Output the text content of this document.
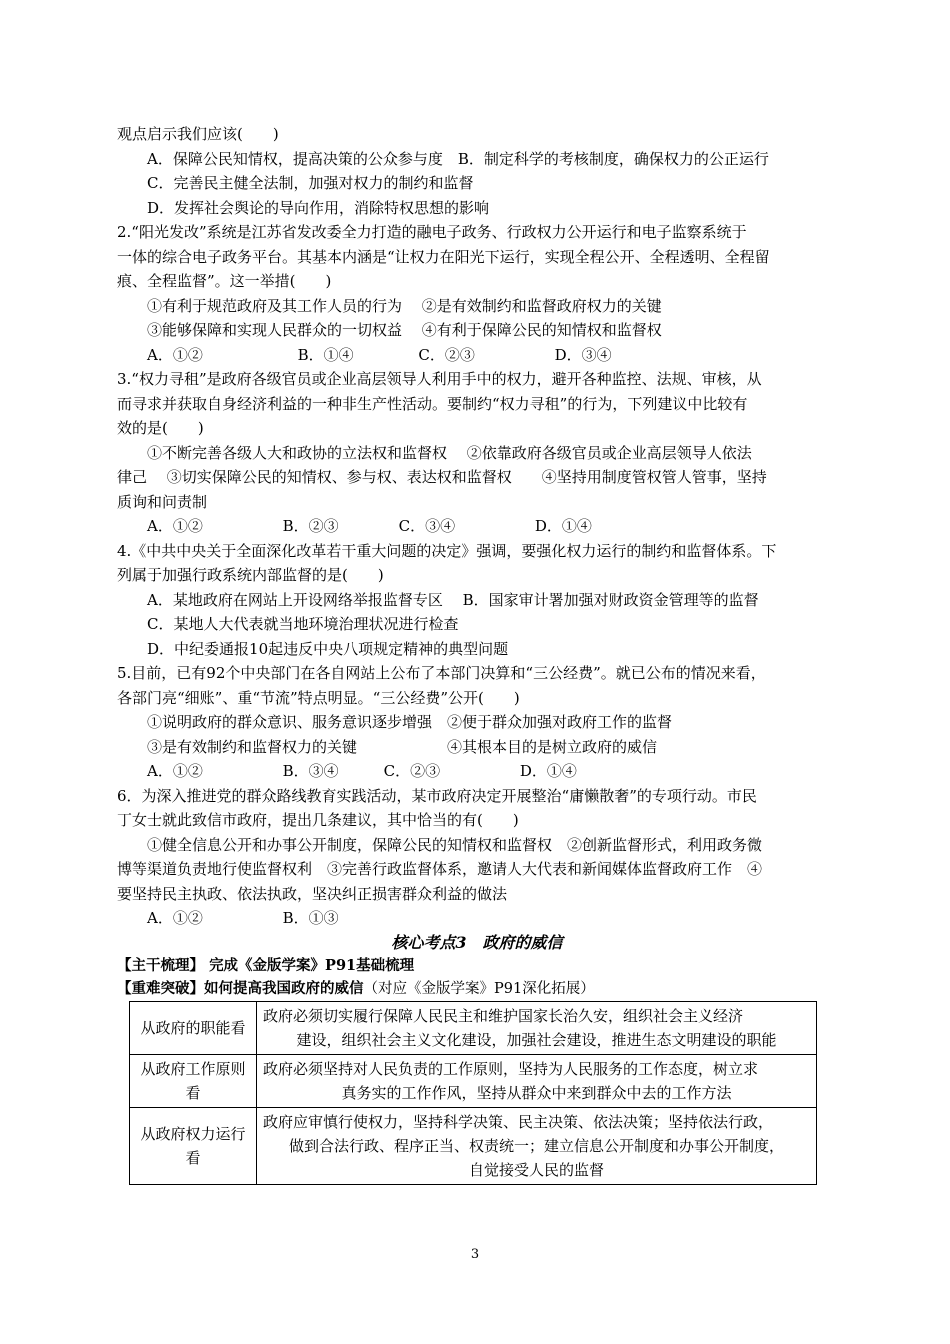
观点启示我们应该(　　)
A．保障公民知情权，提高决策的公众参与度　B．制定科学的考核制度，确保权力的公正运行
C．完善民主健全法制，加强对权力的制约和监督
D．发挥社会舆论的导向作用，消除特权思想的影响
2.“阳光发改”系统是江苏省发改委全力打造的融电子政务、行政权力公开运行和电子监察系统于
一体的综合电子政务平台。其基本内涵是“让权力在阳光下运行，实现全程公开、全程透明、全程留
痕、全程监督”。这一举措(　　)
①有利于规范政府及其工作人员的行为　 ②是有效制约和监督政府权力的关键
③能够保障和实现人民群众的一切权益　 ④有利于保障公民的知情权和监督权
A．①②　　　　　　 B．①④　　　　 C．②③　　　　　 D．③④
3.“权力寻租”是政府各级官员或企业高层领导人利用手中的权力，避开各种监控、法规、审核，从
而寻求并获取自身经济利益的一种非生产性活动。要制约“权力寻租”的行为，下列建议中比较有
效的是(　　)
①不断完善各级人大和政协的立法权和监督权　 ②依靠政府各级官员或企业高层领导人依法
律己　 ③切实保障公民的知情权、参与权、表达权和监督权　　④坚持用制度管权管人管事，坚持
质询和问责制
A．①②　　　　　 B．②③　　　　C．③④　　　　　 D．①④
4.《中共中央关于全面深化改革若干重大问题的决定》强调，要强化权力运行的制约和监督体系。下
列属于加强行政系统内部监督的是(　　)
A．某地政府在网站上开设网络举报监督专区　 B．国家审计署加强对财政资金管理等的监督
C．某地人大代表就当地环境治理状况进行检查
D．中纪委通报10起违反中央八项规定精神的典型问题
5.目前，已有92个中央部门在各自网站上公布了本部门决算和“三公经费”。就已公布的情况来看，
各部门亮“细账”、重“节流”特点明显。“三公经费”公开(　　)
①说明政府的群众意识、服务意识逐步增强　②便于群众加强对政府工作的监督
③是有效制约和监督权力的关键　　　　　　④其根本目的是树立政府的威信
A．①②　　　　　 B．③④　　　C．②③　　　　　 D．①④
6．为深入推进党的群众路线教育实践活动，某市政府决定开展整治“庸懒散奢”的专项行动。市民
丁女士就此致信市政府，提出几条建议，其中恰当的有(　　)
①健全信息公开和办事公开制度，保障公民的知情权和监督权　②创新监督形式，利用政务微
博等渠道负责地行使监督权利　③完善行政监督体系，邀请人大代表和新闻媒体监督政府工作　④
要坚持民主执政、依法执政，坚决纠正损害群众利益的做法
A．①②　　　　　 B．①③
核心考点3　政府的威信
【主干梳理】 完成《金版学案》P91基础梳理
【重难突破】如何提高我国政府的威信（对应《金版学案》P91深化拓展）
从政府的职能看	政府必须切实履行保障人民民主和维护国家长治久安，组织社会主义经济
建设，组织社会主义文化建设，加强社会建设，推进生态文明建设的职能

从政府工作原则看	政府必须坚持对人民负责的工作原则，坚持为人民服务的工作态度，树立求
真务实的工作作风，坚持从群众中来到群众中去的工作方法

从政府权力运行看	政府应审慎行使权力，坚持科学决策、民主决策、依法决策；坚持依法行政，
做到合法行政、程序正当、权责统一；建立信息公开制度和办事公开制度，
自觉接受人民的监督
3
